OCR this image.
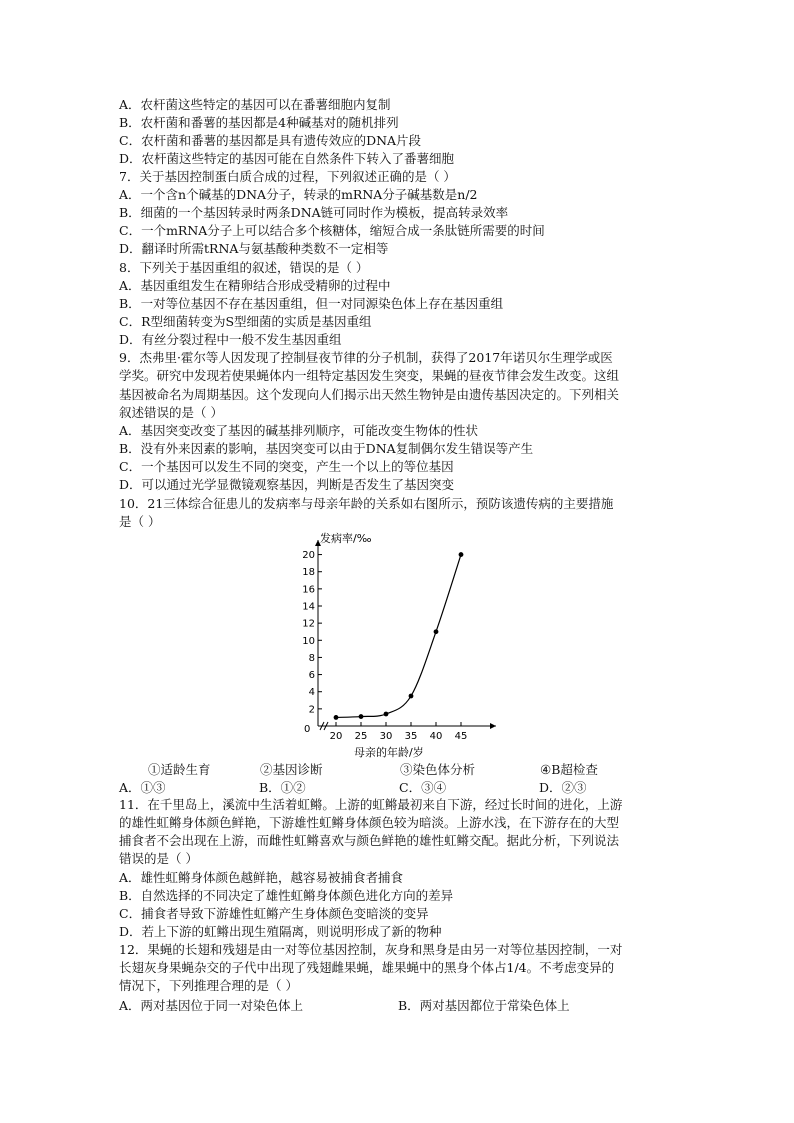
A．农杆菌这些特定的基因可以在番薯细胞内复制
B．农杆菌和番薯的基因都是4种碱基对的随机排列
C．农杆菌和番薯的基因都是具有遗传效应的DNA片段
D．农杆菌这些特定的基因可能在自然条件下转入了番薯细胞
7．关于基因控制蛋白质合成的过程，下列叙述正确的是（ ）
A．一个含n个碱基的DNA分子，转录的mRNA分子碱基数是n/2
B．细菌的一个基因转录时两条DNA链可同时作为模板，提高转录效率
C．一个mRNA分子上可以结合多个核糖体，缩短合成一条肽链所需要的时间
D．翻译时所需tRNA与氨基酸种类数不一定相等
8．下列关于基因重组的叙述，错误的是（ ）
A．基因重组发生在精卵结合形成受精卵的过程中
B．一对等位基因不存在基因重组，但一对同源染色体上存在基因重组
C．R型细菌转变为S型细菌的实质是基因重组
D．有丝分裂过程中一般不发生基因重组
9．杰弗里·霍尔等人因发现了控制昼夜节律的分子机制，获得了2017年诺贝尔生理学或医
学奖。研究中发现若使果蝇体内一组特定基因发生突变，果蝇的昼夜节律会发生改变。这组
基因被命名为周期基因。这个发现向人们揭示出天然生物钟是由遗传基因决定的。下列相关
叙述错误的是（ ）
A．基因突变改变了基因的碱基排列顺序，可能改变生物体的性状
B．没有外来因素的影响，基因突变可以由于DNA复制偶尔发生错误等产生
C．一个基因可以发生不同的突变，产生一个以上的等位基因
D．可以通过光学显微镜观察基因，判断是否发生了基因突变
10．21三体综合征患儿的发病率与母亲年龄的关系如右图所示，预防该遗传病的主要措施
是（ ）
发病率/‰
母亲的年龄/岁
0
2
4
6
8
10
12
14
16
18
20
20 25 30 35 40 45
①适龄生育	②基因诊断	③染色体分析	④B超检查
A．①③	B．①②	C．③④	D．②③
11．在千里岛上，溪流中生活着虹鳉。上游的虹鳉最初来自下游，经过长时间的进化，上游
的雄性虹鳉身体颜色鲜艳，下游雄性虹鳉身体颜色较为暗淡。上游水浅，在下游存在的大型
捕食者不会出现在上游，而雌性虹鳉喜欢与颜色鲜艳的雄性虹鳉交配。据此分析，下列说法
错误的是（ ）
A．雄性虹鳉身体颜色越鲜艳，越容易被捕食者捕食
B．自然选择的不同决定了雄性虹鳉身体颜色进化方向的差异
C．捕食者导致下游雄性虹鳉产生身体颜色变暗淡的变异
D．若上下游的虹鳉出现生殖隔离，则说明形成了新的物种
12．果蝇的长翅和残翅是由一对等位基因控制，灰身和黑身是由另一对等位基因控制，一对
长翅灰身果蝇杂交的子代中出现了残翅雌果蝇，雄果蝇中的黑身个体占1/4。不考虑变异的
情况下，下列推理合理的是（ ）
A．两对基因位于同一对染色体上	B．两对基因都位于常染色体上
